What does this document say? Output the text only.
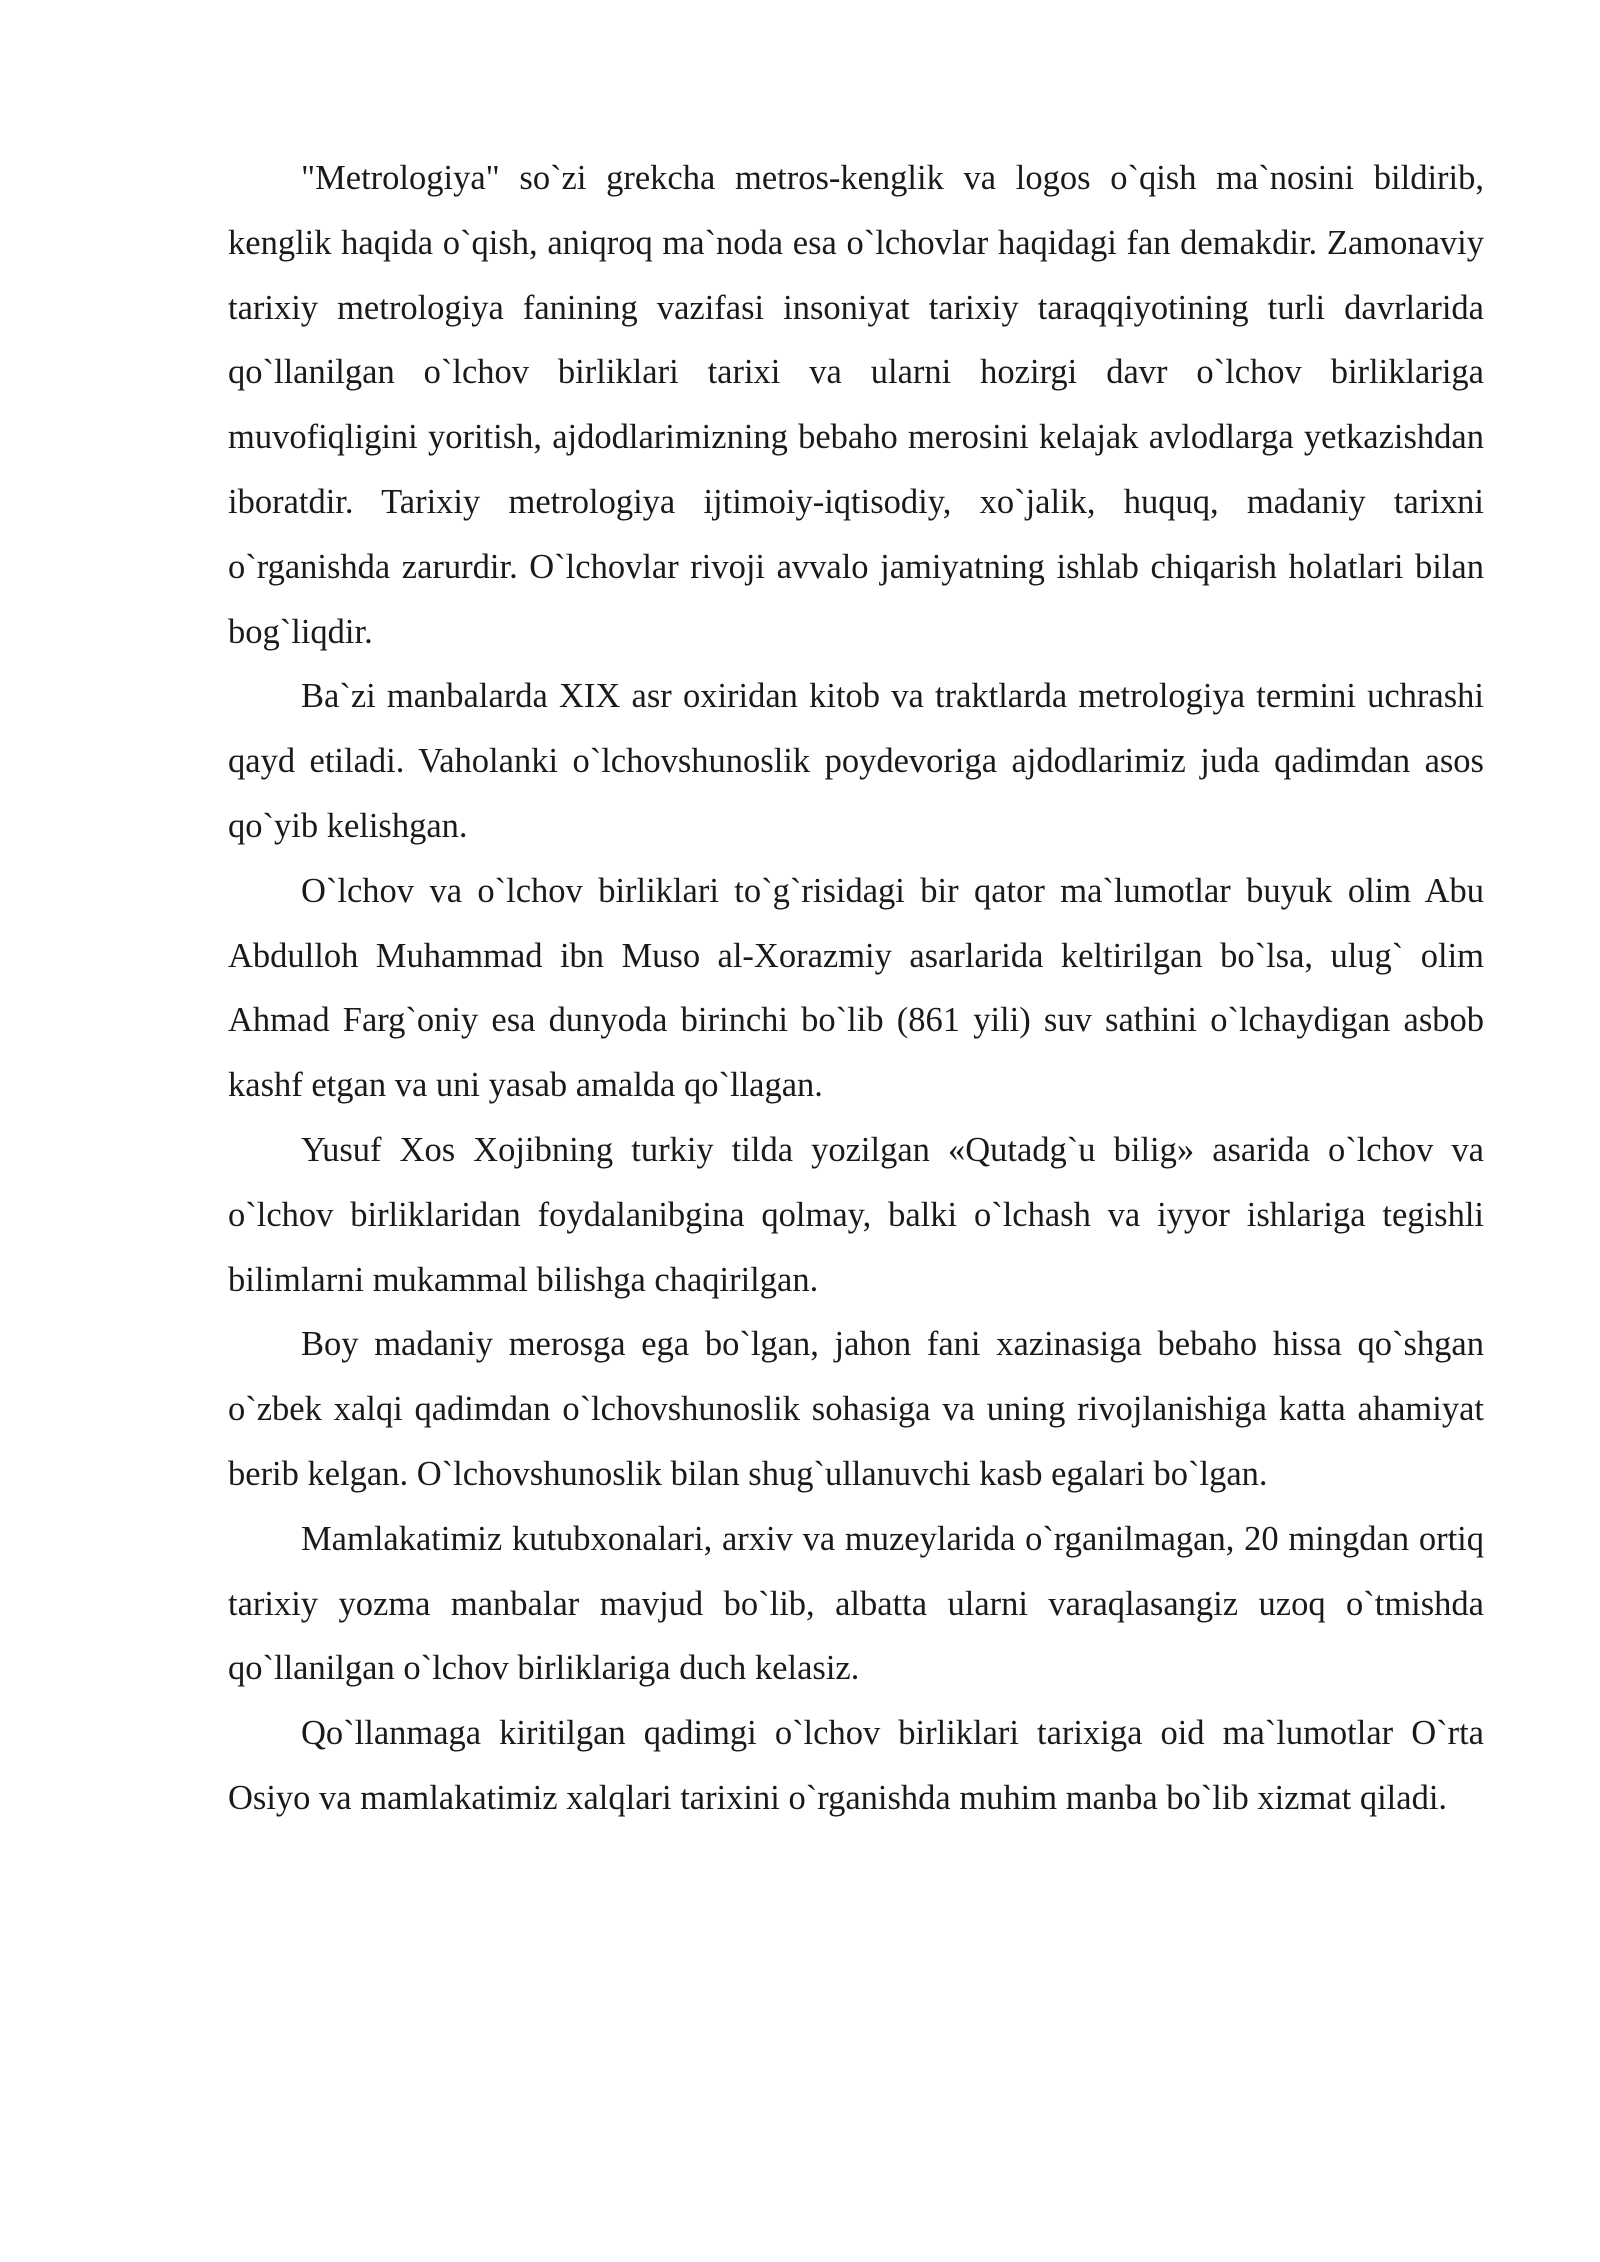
"Metrologiya" so`zi grekcha metros-kenglik va logos o`qish ma`nosini bildirib, kenglik haqida o`qish, aniqroq ma`noda esa o`lchovlar haqidagi fan demakdir. Zamonaviy tarixiy metrologiya fanining vazifasi insoniyat tarixiy taraqqiyotining turli davrlarida qo`llanilgan o`lchov birliklari tarixi va ularni hozirgi davr o`lchov birliklariga muvofiqligini yoritish, ajdodlarimizning bebaho merosini kelajak avlodlarga yetkazishdan iboratdir. Tarixiy metrologiya ijtimoiy-iqtisodiy, xo`jalik, huquq, madaniy tarixni o`rganishda zarurdir. O`lchovlar rivoji avvalo jamiyatning ishlab chiqarish holatlari bilan bog`liqdir.

Ba`zi manbalarda XIX asr oxiridan kitob va traktlarda metrologiya termini uchrashi qayd etiladi. Vaholanki o`lchovshunoslik poydevoriga ajdodlarimiz juda qadimdan asos qo`yib kelishgan.

O`lchov va o`lchov birliklari to`g`risidagi bir qator ma`lumotlar buyuk olim Abu Abdulloh Muhammad ibn Muso al-Xorazmiy asarlarida keltirilgan bo`lsa, ulug` olim Ahmad Farg`oniy esa dunyoda birinchi bo`lib (861 yili) suv sathini o`lchaydigan asbob kashf etgan va uni yasab amalda qo`llagan.

Yusuf Xos Xojibning turkiy tilda yozilgan «Qutadg`u bilig» asarida o`lchov va o`lchov birliklaridan foydalanibgina qolmay, balki o`lchash va iyyor ishlariga tegishli bilimlarni mukammal bilishga chaqirilgan.

Boy madaniy merosga ega bo`lgan, jahon fani xazinasiga bebaho hissa qo`shgan o`zbek xalqi qadimdan o`lchovshunoslik sohasiga va uning rivojlanishiga katta ahamiyat berib kelgan. O`lchovshunoslik bilan shug`ullanuvchi kasb egalari bo`lgan.

Mamlakatimiz kutubxonalari, arxiv va muzeylarida o`rganilmagan, 20 mingdan ortiq tarixiy yozma manbalar mavjud bo`lib, albatta ularni varaqlasangiz uzoq o`tmishda qo`llanilgan o`lchov birliklariga duch kelasiz.

Qo`llanmaga kiritilgan qadimgi o`lchov birliklari tarixiga oid ma`lumotlar O`rta Osiyo va mamlakatimiz xalqlari tarixini o`rganishda muhim manba bo`lib xizmat qiladi.
